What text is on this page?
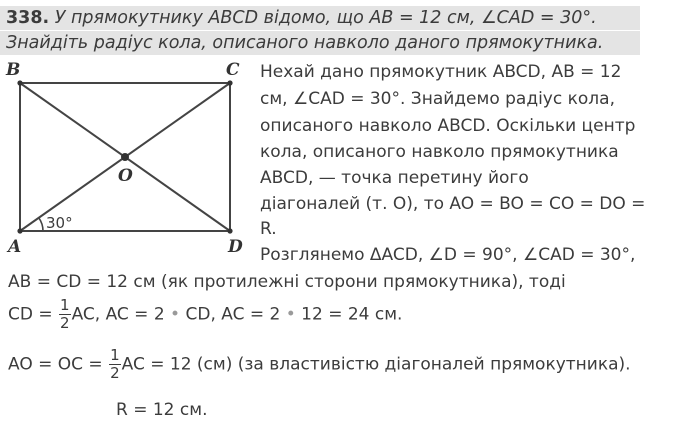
338. У прямокутнику ABCD відомо, що AB = 12 см, ∠CAD = 30°.
Знайдіть радіус кола, описаного навколо даного прямокутника.
B	C
A	D
O
30°
Нехай дано прямокутник ABCD, AB = 12
см, ∠CAD = 30°. Знайдемо радіус кола,
описаного навколо ABCD. Оскільки центр
кола, описаного навколо прямокутника
ABCD, — точка перетину його
діагоналей (т. О), то AO = BO = CO = DO =
R.
Розглянемо ΔACD, ∠D = 90°, ∠CAD = 30°,
AB = CD = 12 см (як протилежні сторони прямокутника), тоді
CD = $\frac{1}{2}$ AC, AC = 2 • CD, AC = 2 • 12 = 24 см.
AO = OC = $\frac{1}{2}$ AC = 12 (см) (за властивістю діагоналей прямокутника).
R = 12 см.
